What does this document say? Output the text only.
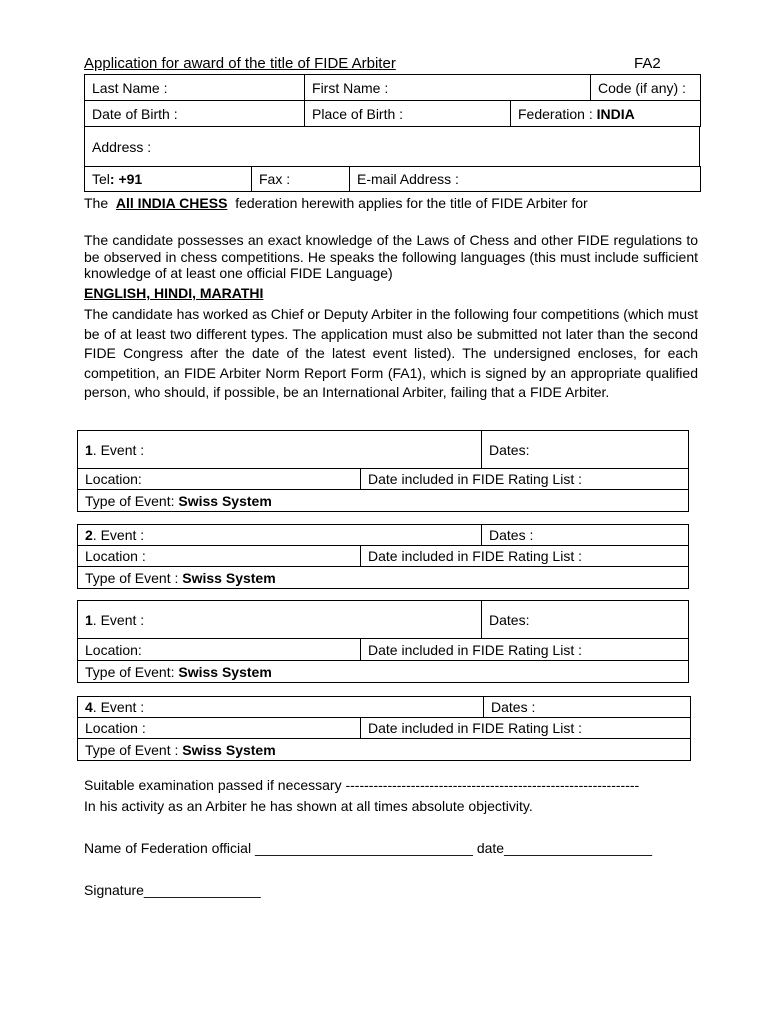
Application for award of the title of FIDE Arbiter	FA2
Last Name :	First Name :	Code (if any) :
Date of Birth :	Place of Birth :	Federation : INDIA
Address :
Tel: +91	Fax :	E-mail Address :
The All INDIA CHESS federation herewith applies for the title of FIDE Arbiter for
The candidate possesses an exact knowledge of the Laws of Chess and other FIDE regulations to be observed in chess competitions. He speaks the following languages (this must include sufficient knowledge of at least one official FIDE Language)
ENGLISH, HINDI, MARATHI
The candidate has worked as Chief or Deputy Arbiter in the following four competitions (which must be of at least two different types. The application must also be submitted not later than the second FIDE Congress after the date of the latest event listed). The undersigned encloses, for each competition, an FIDE Arbiter Norm Report Form (FA1), which is signed by an appropriate qualified person, who should, if possible, be an International Arbiter, failing that a FIDE Arbiter.
1. Event :		Dates:
Location:	Date included in FIDE Rating List :	
Type of Event: Swiss System		
2. Event :		Dates :
Location :	Date included in FIDE Rating List :	
Type of Event : Swiss System		
1. Event :		Dates:
Location:	Date included in FIDE Rating List :	
Type of Event: Swiss System		
4. Event :		Dates :
Location :	Date included in FIDE Rating List :	
Type of Event : Swiss System		
Suitable examination passed if necessary ---------------------------------------------------------------
In his activity as an Arbiter he has shown at all times absolute objectivity.
Name of Federation official ____________________________ date___________________
Signature_______________
